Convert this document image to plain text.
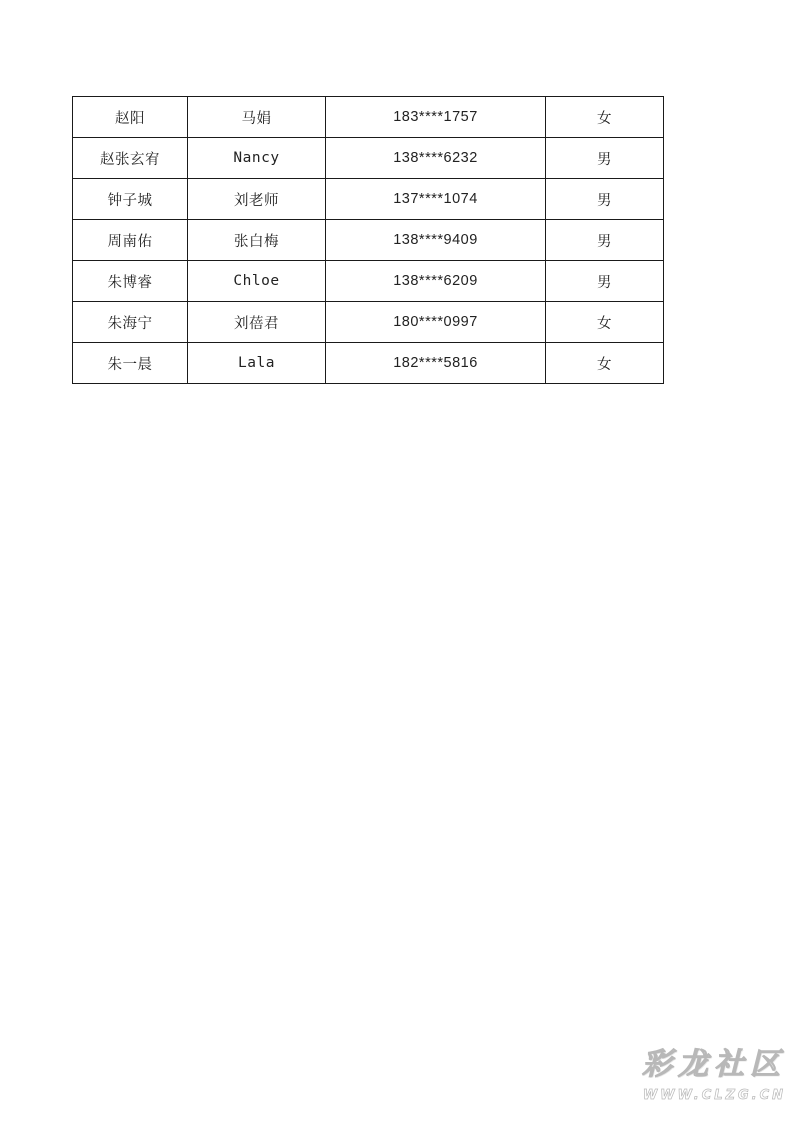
赵阳	马娟	183****1757	女
赵张玄宥	Nancy	138****6232	男
钟子城	刘老师	137****1074	男
周南佑	张白梅	138****9409	男
朱博睿	Chloe	138****6209	男
朱海宁	刘蓓君	180****0997	女
朱一晨	Lala	182****5816	女
彩龙社区
WWW.CLZG.CN
